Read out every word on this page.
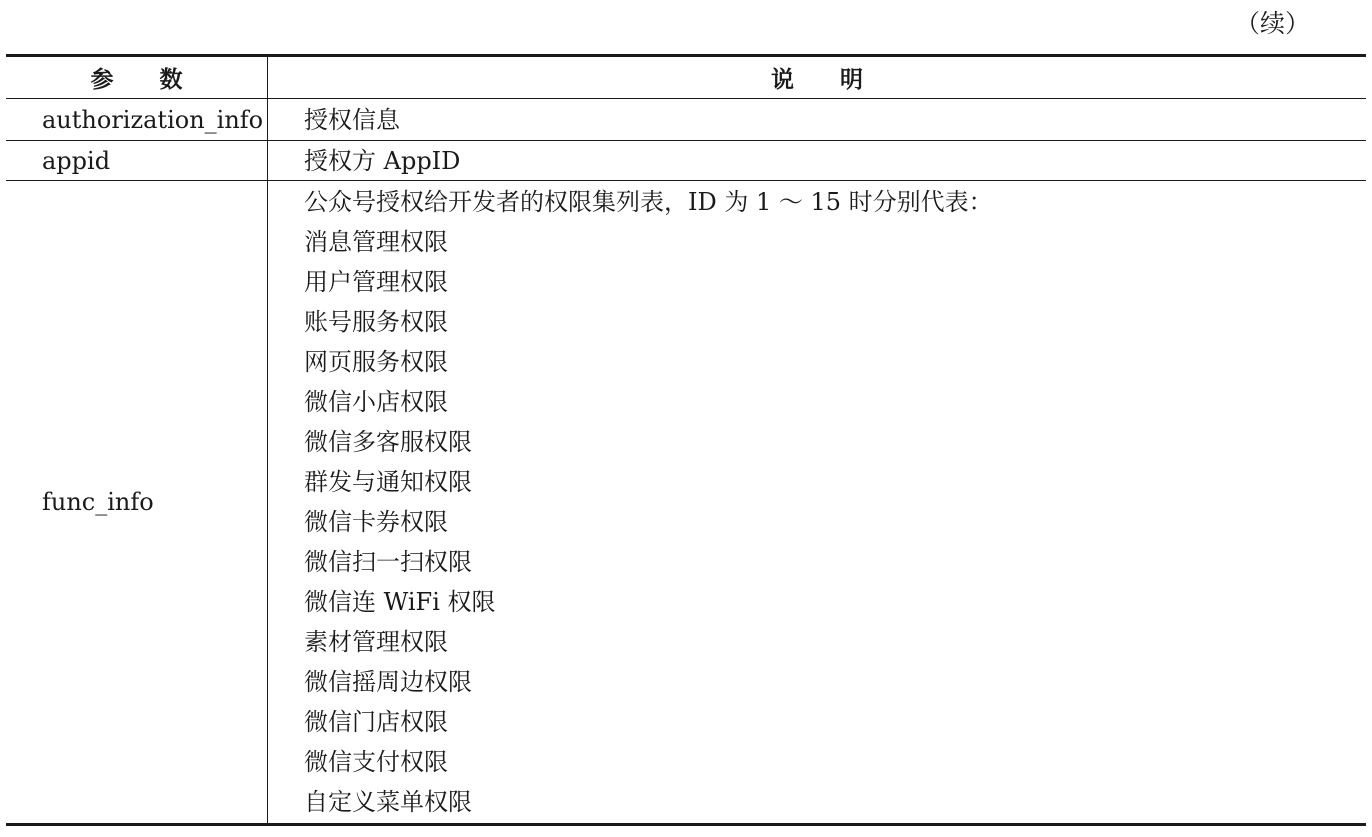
（续）
参　　数	说　　明
authorization_info 授权信息
appid	授权方 AppID
func_info
公众号授权给开发者的权限集列表，ID 为 1 ～ 15 时分别代表：
消息管理权限
用户管理权限
账号服务权限
网页服务权限
微信小店权限
微信多客服权限
群发与通知权限
微信卡券权限
微信扫一扫权限
微信连 WiFi 权限
素材管理权限
微信摇周边权限
微信门店权限
微信支付权限
自定义菜单权限
